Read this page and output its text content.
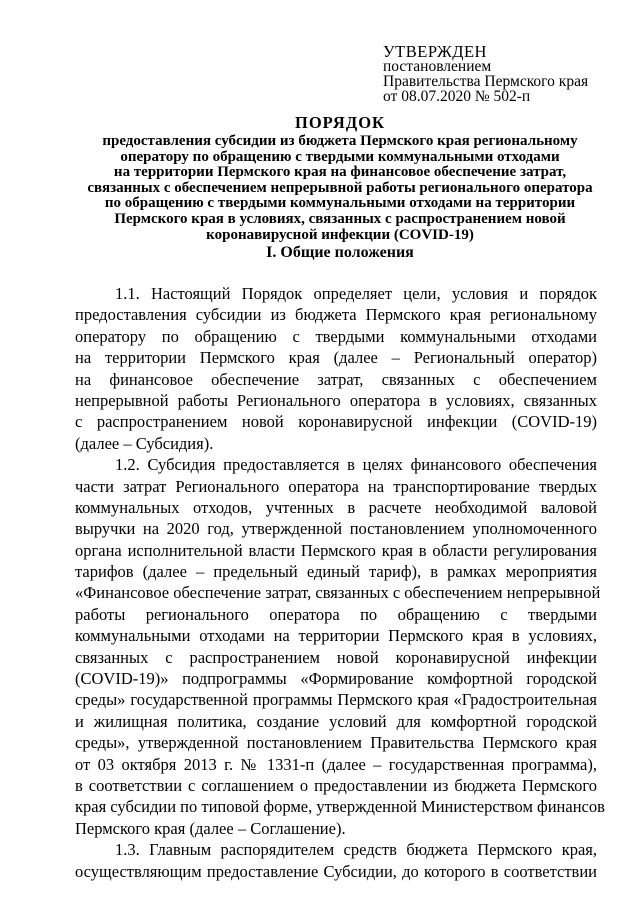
УТВЕРЖДЕН
постановлением
Правительства Пермского края
от 08.07.2020 № 502-п
ПОРЯДОК
предоставления субсидии из бюджета Пермского края региональному
оператору по обращению с твердыми коммунальными отходами
на территории Пермского края на финансовое обеспечение затрат,
связанных с обеспечением непрерывной работы регионального оператора
по обращению с твердыми коммунальными отходами на территории
Пермского края в условиях, связанных с распространением новой
коронавирусной инфекции (COVID-19)
I. Общие положения
1.1. Настоящий Порядок определяет цели, условия и порядок
предоставления субсидии из бюджета Пермского края региональному
оператору по обращению с твердыми коммунальными отходами
на территории Пермского края (далее – Региональный оператор)
на финансовое обеспечение затрат, связанных с обеспечением
непрерывной работы Регионального оператора в условиях, связанных
с распространением новой коронавирусной инфекции (COVID-19)
(далее – Субсидия).
1.2. Субсидия предоставляется в целях финансового обеспечения
части затрат Регионального оператора на транспортирование твердых
коммунальных отходов, учтенных в расчете необходимой валовой
выручки на 2020 год, утвержденной постановлением уполномоченного
органа исполнительной власти Пермского края в области регулирования
тарифов (далее – предельный единый тариф), в рамках мероприятия
«Финансовое обеспечение затрат, связанных с обеспечением непрерывной
работы регионального оператора по обращению с твердыми
коммунальными отходами на территории Пермского края в условиях,
связанных с распространением новой коронавирусной инфекции
(COVID-19)» подпрограммы «Формирование комфортной городской
среды» государственной программы Пермского края «Градостроительная
и жилищная политика, создание условий для комфортной городской
среды», утвержденной постановлением Правительства Пермского края
от 03 октября 2013 г. № 1331-п (далее – государственная программа),
в соответствии с соглашением о предоставлении из бюджета Пермского
края субсидии по типовой форме, утвержденной Министерством финансов
Пермского края (далее – Соглашение).
1.3. Главным распорядителем средств бюджета Пермского края,
осуществляющим предоставление Субсидии, до которого в соответствии
